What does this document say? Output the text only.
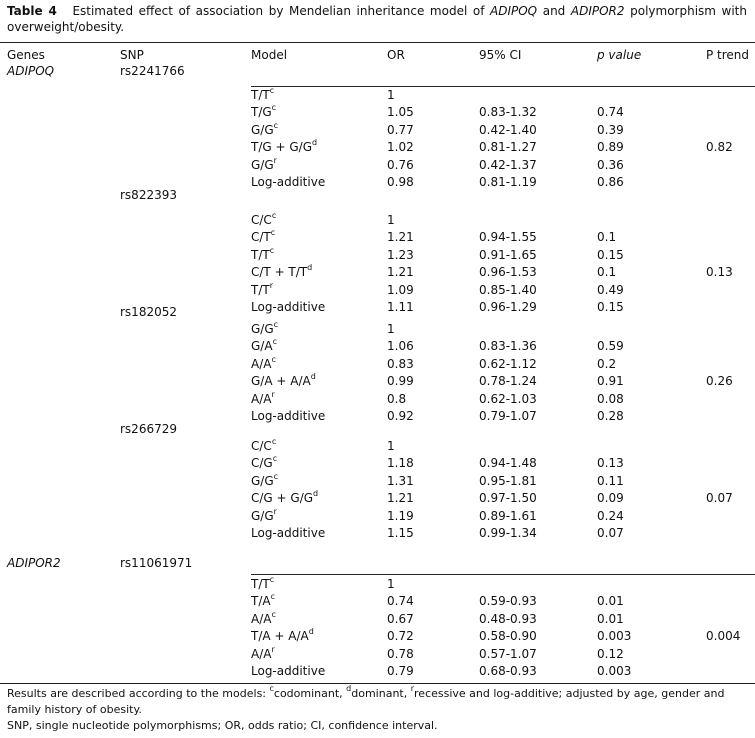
Table 4 Estimated effect of association by Mendelian inheritance model of ADIPOQ and ADIPOR2 polymorphism with overweight/obesity.
Genes	SNP	Model	OR	95% CI	p value	P trend
ADIPOQ	rs2241766
$T/T^c$	1
$T/G^c$	1.05	0.83-1.32	0.74
$G/G^c$	0.77	0.42-1.40	0.39
$T/G + G/G^d$	1.02	0.81-1.27	0.89	0.82
$G/G^r$	0.76	0.42-1.37	0.36
Log-additive	0.98	0.81-1.19	0.86
rs822393
$C/C^c$	1
$C/T^c$	1.21	0.94-1.55	0.1
$T/T^c$	1.23	0.91-1.65	0.15
$C/T + T/T^d$	1.21	0.96-1.53	0.1	0.13
$T/T^r$	1.09	0.85-1.40	0.49
Log-additive	1.11	0.96-1.29	0.15
rs182052
$G/G^c$	1
$G/A^c$	1.06	0.83-1.36	0.59
$A/A^c$	0.83	0.62-1.12	0.2
$G/A + A/A^d$	0.99	0.78-1.24	0.91	0.26
$A/A^r$	0.8	0.62-1.03	0.08
Log-additive	0.92	0.79-1.07	0.28
rs266729
$C/C^c$	1
$C/G^c$	1.18	0.94-1.48	0.13
$G/G^c$	1.31	0.95-1.81	0.11
$C/G + G/G^d$	1.21	0.97-1.50	0.09	0.07
$G/G^r$	1.19	0.89-1.61	0.24
Log-additive	1.15	0.99-1.34	0.07
ADIPOR2	rs11061971
$T/T^c$	1
$T/A^c$	0.74	0.59-0.93	0.01
$A/A^c$	0.67	0.48-0.93	0.01
$T/A + A/A^d$	0.72	0.58-0.90	0.003	0.004
$A/A^r$	0.78	0.57-1.07	0.12
Log-additive	0.79	0.68-0.93	0.003
Results are described according to the models: $^c$codominant, $^d$dominant, $^r$recessive and log-additive; adjusted by age, gender and family history of obesity.
SNP, single nucleotide polymorphisms; OR, odds ratio; CI, confidence interval.
